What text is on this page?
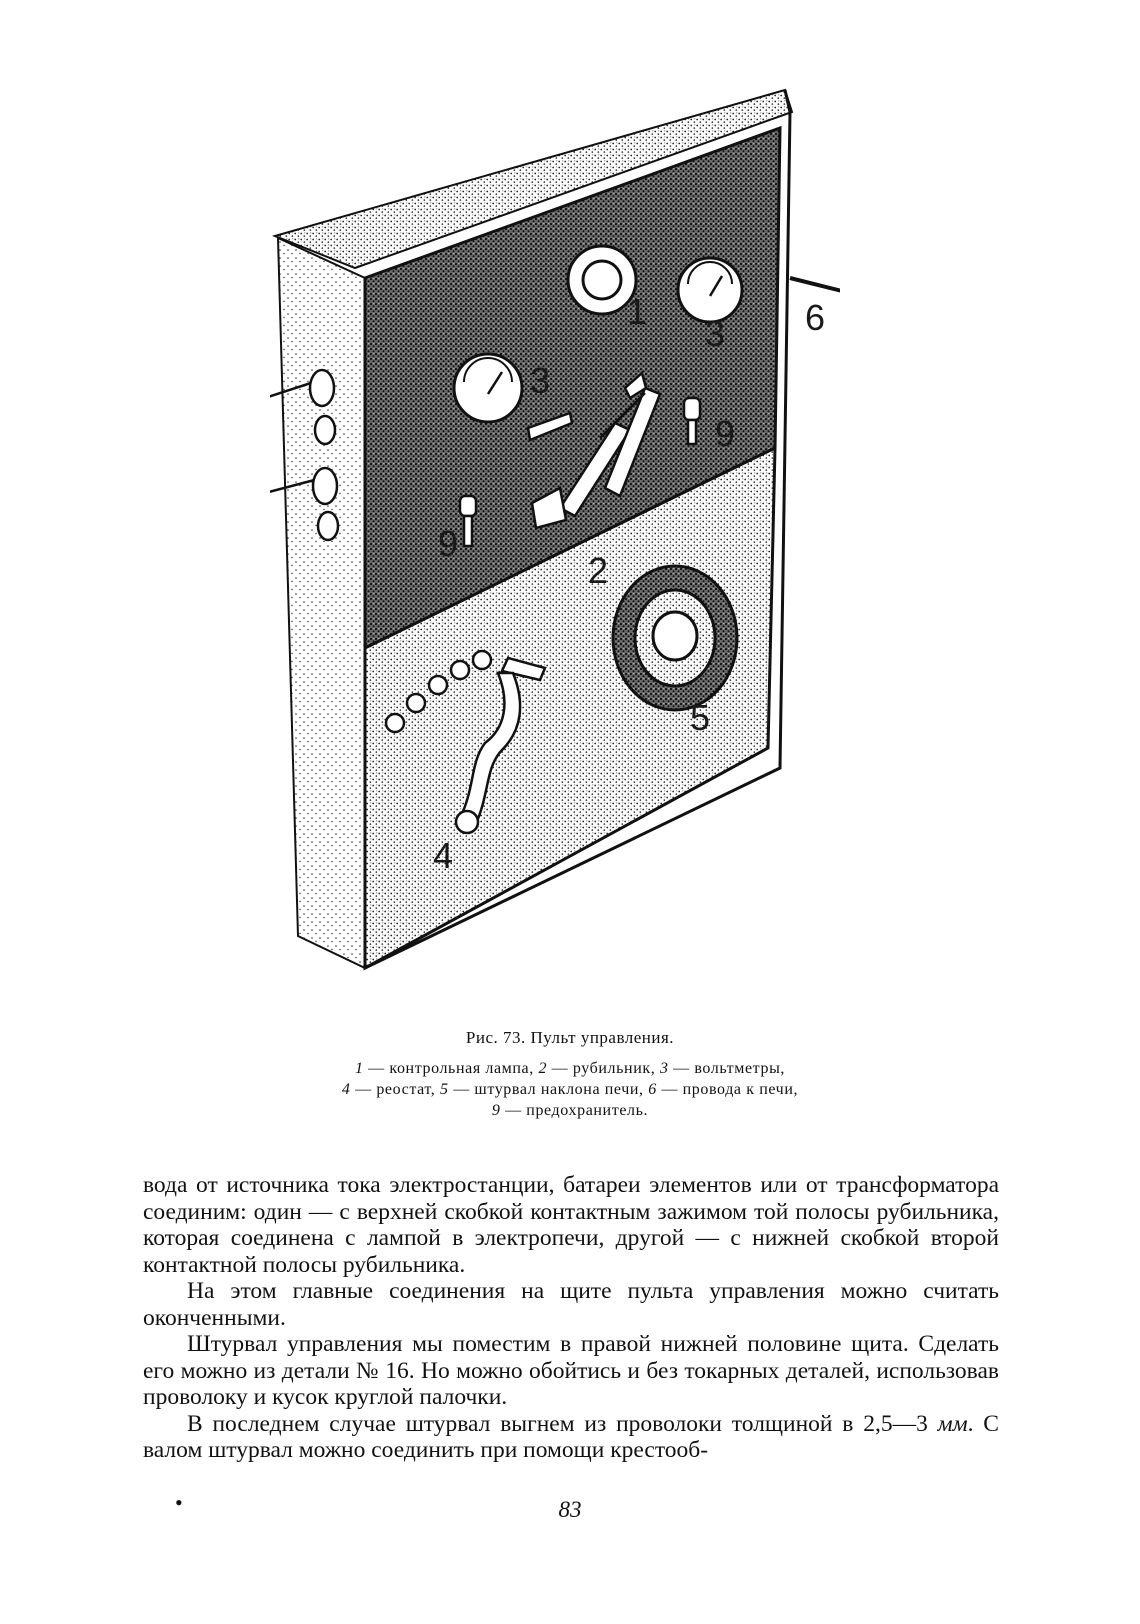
1
2
3
3
4
5
6
9
9
Рис. 73. Пульт управления.
1 — контрольная лампа, 2 — рубильник, 3 — вольтметры,
4 — реостат, 5 — штурвал наклона печи, 6 — провода к печи,
9 — предохранитель.

вода от источника тока электростанции, батареи элементов или от трансформатора соединим: один — с верхней скобкой контактным зажимом той полосы рубильника, которая соединена с лампой в электропечи, другой — с нижней скобкой второй контактной полосы рубильника.

На этом главные соединения на щите пульта управления можно считать оконченными.

Штурвал управления мы поместим в правой нижней половине щита. Сделать его можно из детали № 16. Но можно обойтись и без токарных деталей, использовав проволоку и кусок круглой палочки.

В последнем случае штурвал выгнем из проволоки толщиной в 2,5—3 мм. С валом штурвал можно соединить при помощи крестооб-

•	83
